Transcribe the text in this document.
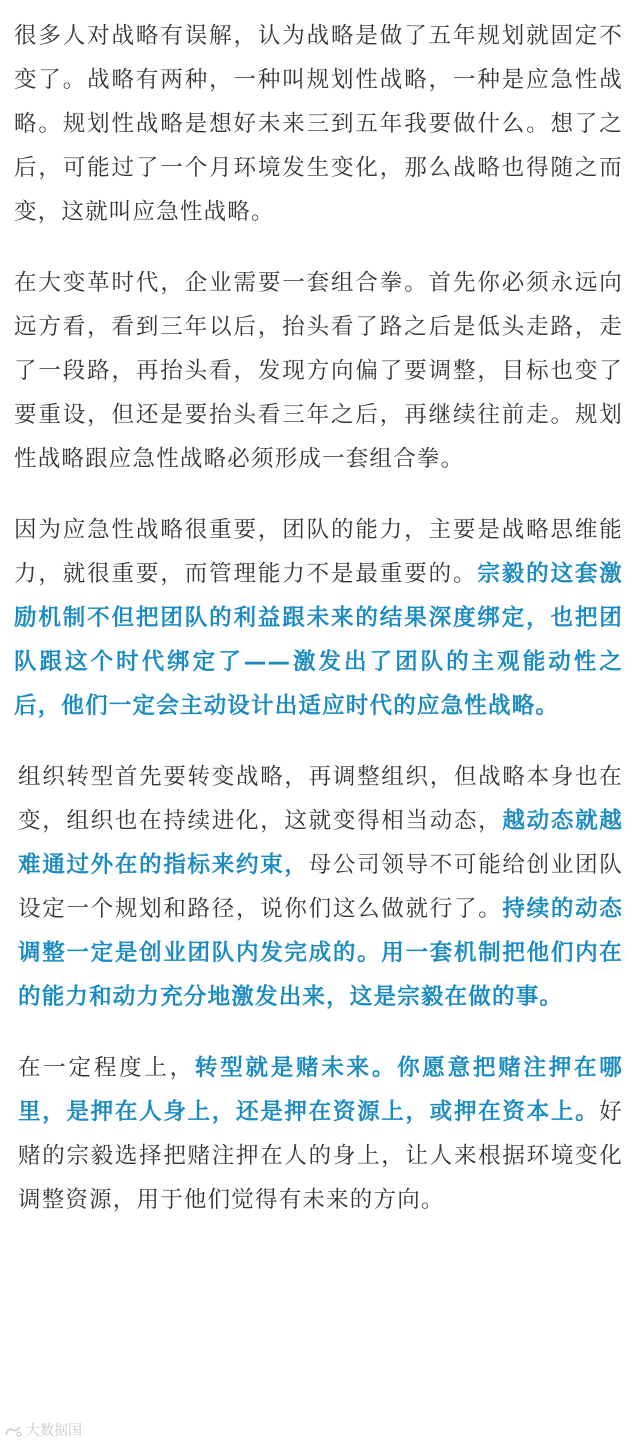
很多人对战略有误解，认为战略是做了五年规划就固定不变了。战略有两种，一种叫规划性战略，一种是应急性战略。规划性战略是想好未来三到五年我要做什么。想了之后，可能过了一个月环境发生变化，那么战略也得随之而变，这就叫应急性战略。

在大变革时代，企业需要一套组合拳。首先你必须永远向远方看，看到三年以后，抬头看了路之后是低头走路，走了一段路，再抬头看，发现方向偏了要调整，目标也变了要重设，但还是要抬头看三年之后，再继续往前走。规划性战略跟应急性战略必须形成一套组合拳。

因为应急性战略很重要，团队的能力，主要是战略思维能力，就很重要，而管理能力不是最重要的。宗毅的这套激励机制不但把团队的利益跟未来的结果深度绑定，也把团队跟这个时代绑定了——激发出了团队的主观能动性之后，他们一定会主动设计出适应时代的应急性战略。

组织转型首先要转变战略，再调整组织，但战略本身也在变，组织也在持续进化，这就变得相当动态，越动态就越难通过外在的指标来约束，母公司领导不可能给创业团队设定一个规划和路径，说你们这么做就行了。持续的动态调整一定是创业团队内发完成的。用一套机制把他们内在的能力和动力充分地激发出来，这是宗毅在做的事。

在一定程度上，转型就是赌未来。你愿意把赌注押在哪里，是押在人身上，还是押在资源上，或押在资本上。好赌的宗毅选择把赌注押在人的身上，让人来根据环境变化调整资源，用于他们觉得有未来的方向。

大数据国
